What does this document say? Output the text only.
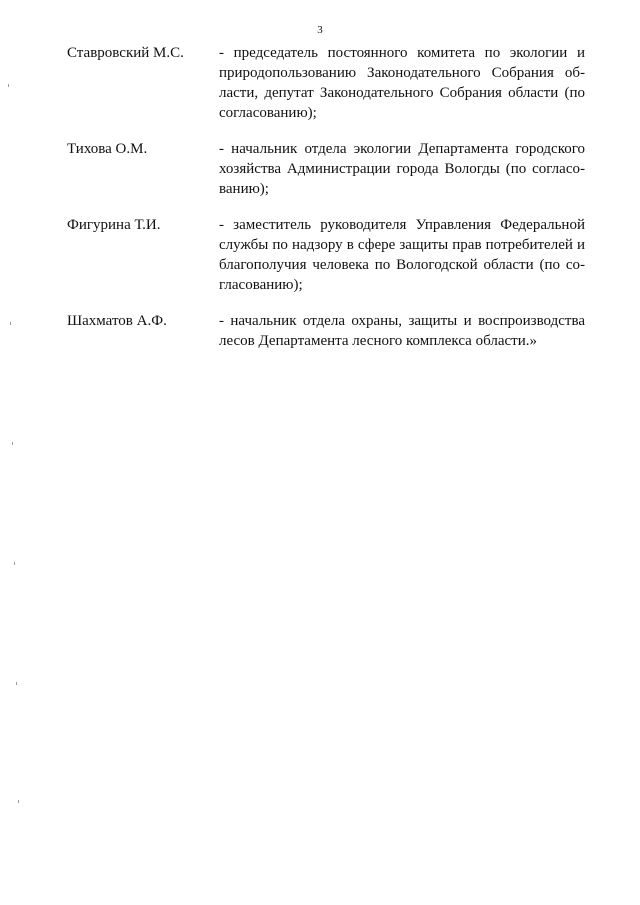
3
Ставровский М.С.	- председатель постоянного комитета по экологии и природопользованию Законодательного Собрания области, депутат Законодательного Собрания области (по согласованию);
Тихова О.М.	- начальник отдела экологии Департамента городского хозяйства Администрации города Вологды (по согласованию);
Фигурина Т.И.	- заместитель руководителя Управления Федеральной службы по надзору в сфере защиты прав потребителей и благополучия человека по Вологодской области (по согласованию);
Шахматов А.Ф.	- начальник отдела охраны, защиты и воспроизводства лесов Департамента лесного комплекса области.»
